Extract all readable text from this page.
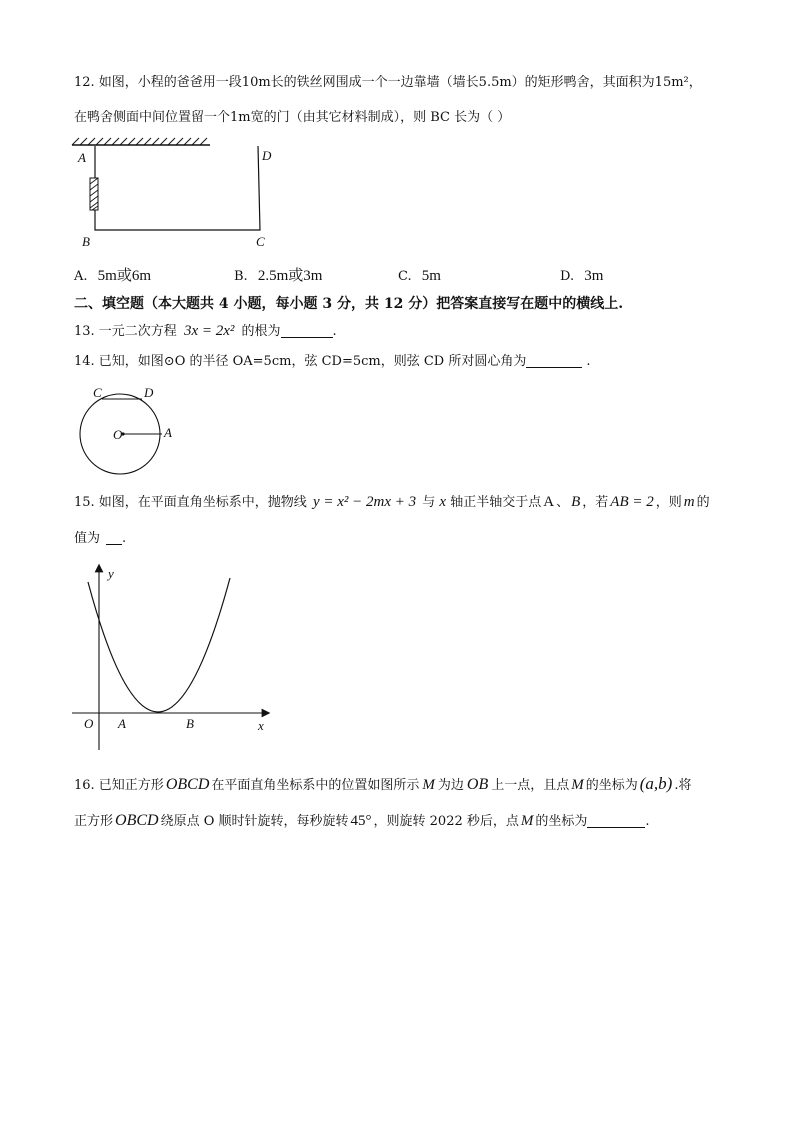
12. 如图，小程的爸爸用一段10m长的铁丝网围成一个一边靠墙（墙长5.5m）的矩形鸭舍，其面积为15m²，
在鸭舍侧面中间位置留一个1m宽的门（由其它材料制成），则 BC 长为（ ）
A	D
B	C
A. 5m或6m	B. 2.5m或3m	C. 5m	D. 3m
二、填空题（本大题共 4 小题，每小题 3 分，共 12 分）把答案直接写在题中的横线上.
13. 一元二次方程 3x = 2x² 的根为	.
14. 已知，如图⊙O 的半径 OA=5cm，弦 CD=5cm，则弦 CD 所对圆心角为	.
C	D
O	A
15. 如图，在平面直角坐标系中，抛物线 y = x² − 2mx + 3 与 x 轴正半轴交于点 A 、 B ，若 AB = 2 ，则 m 的
值为 .
y
x
O A	B
16. 已知正方形 OBCD 在平面直角坐标系中的位置如图所示 M 为边 OB 上一点，且点 M 的坐标为 (a,b) .将
正方形 OBCD 绕原点 O 顺时针旋转，每秒旋转 45° ，则旋转 2022 秒后，点 M 的坐标为	.
